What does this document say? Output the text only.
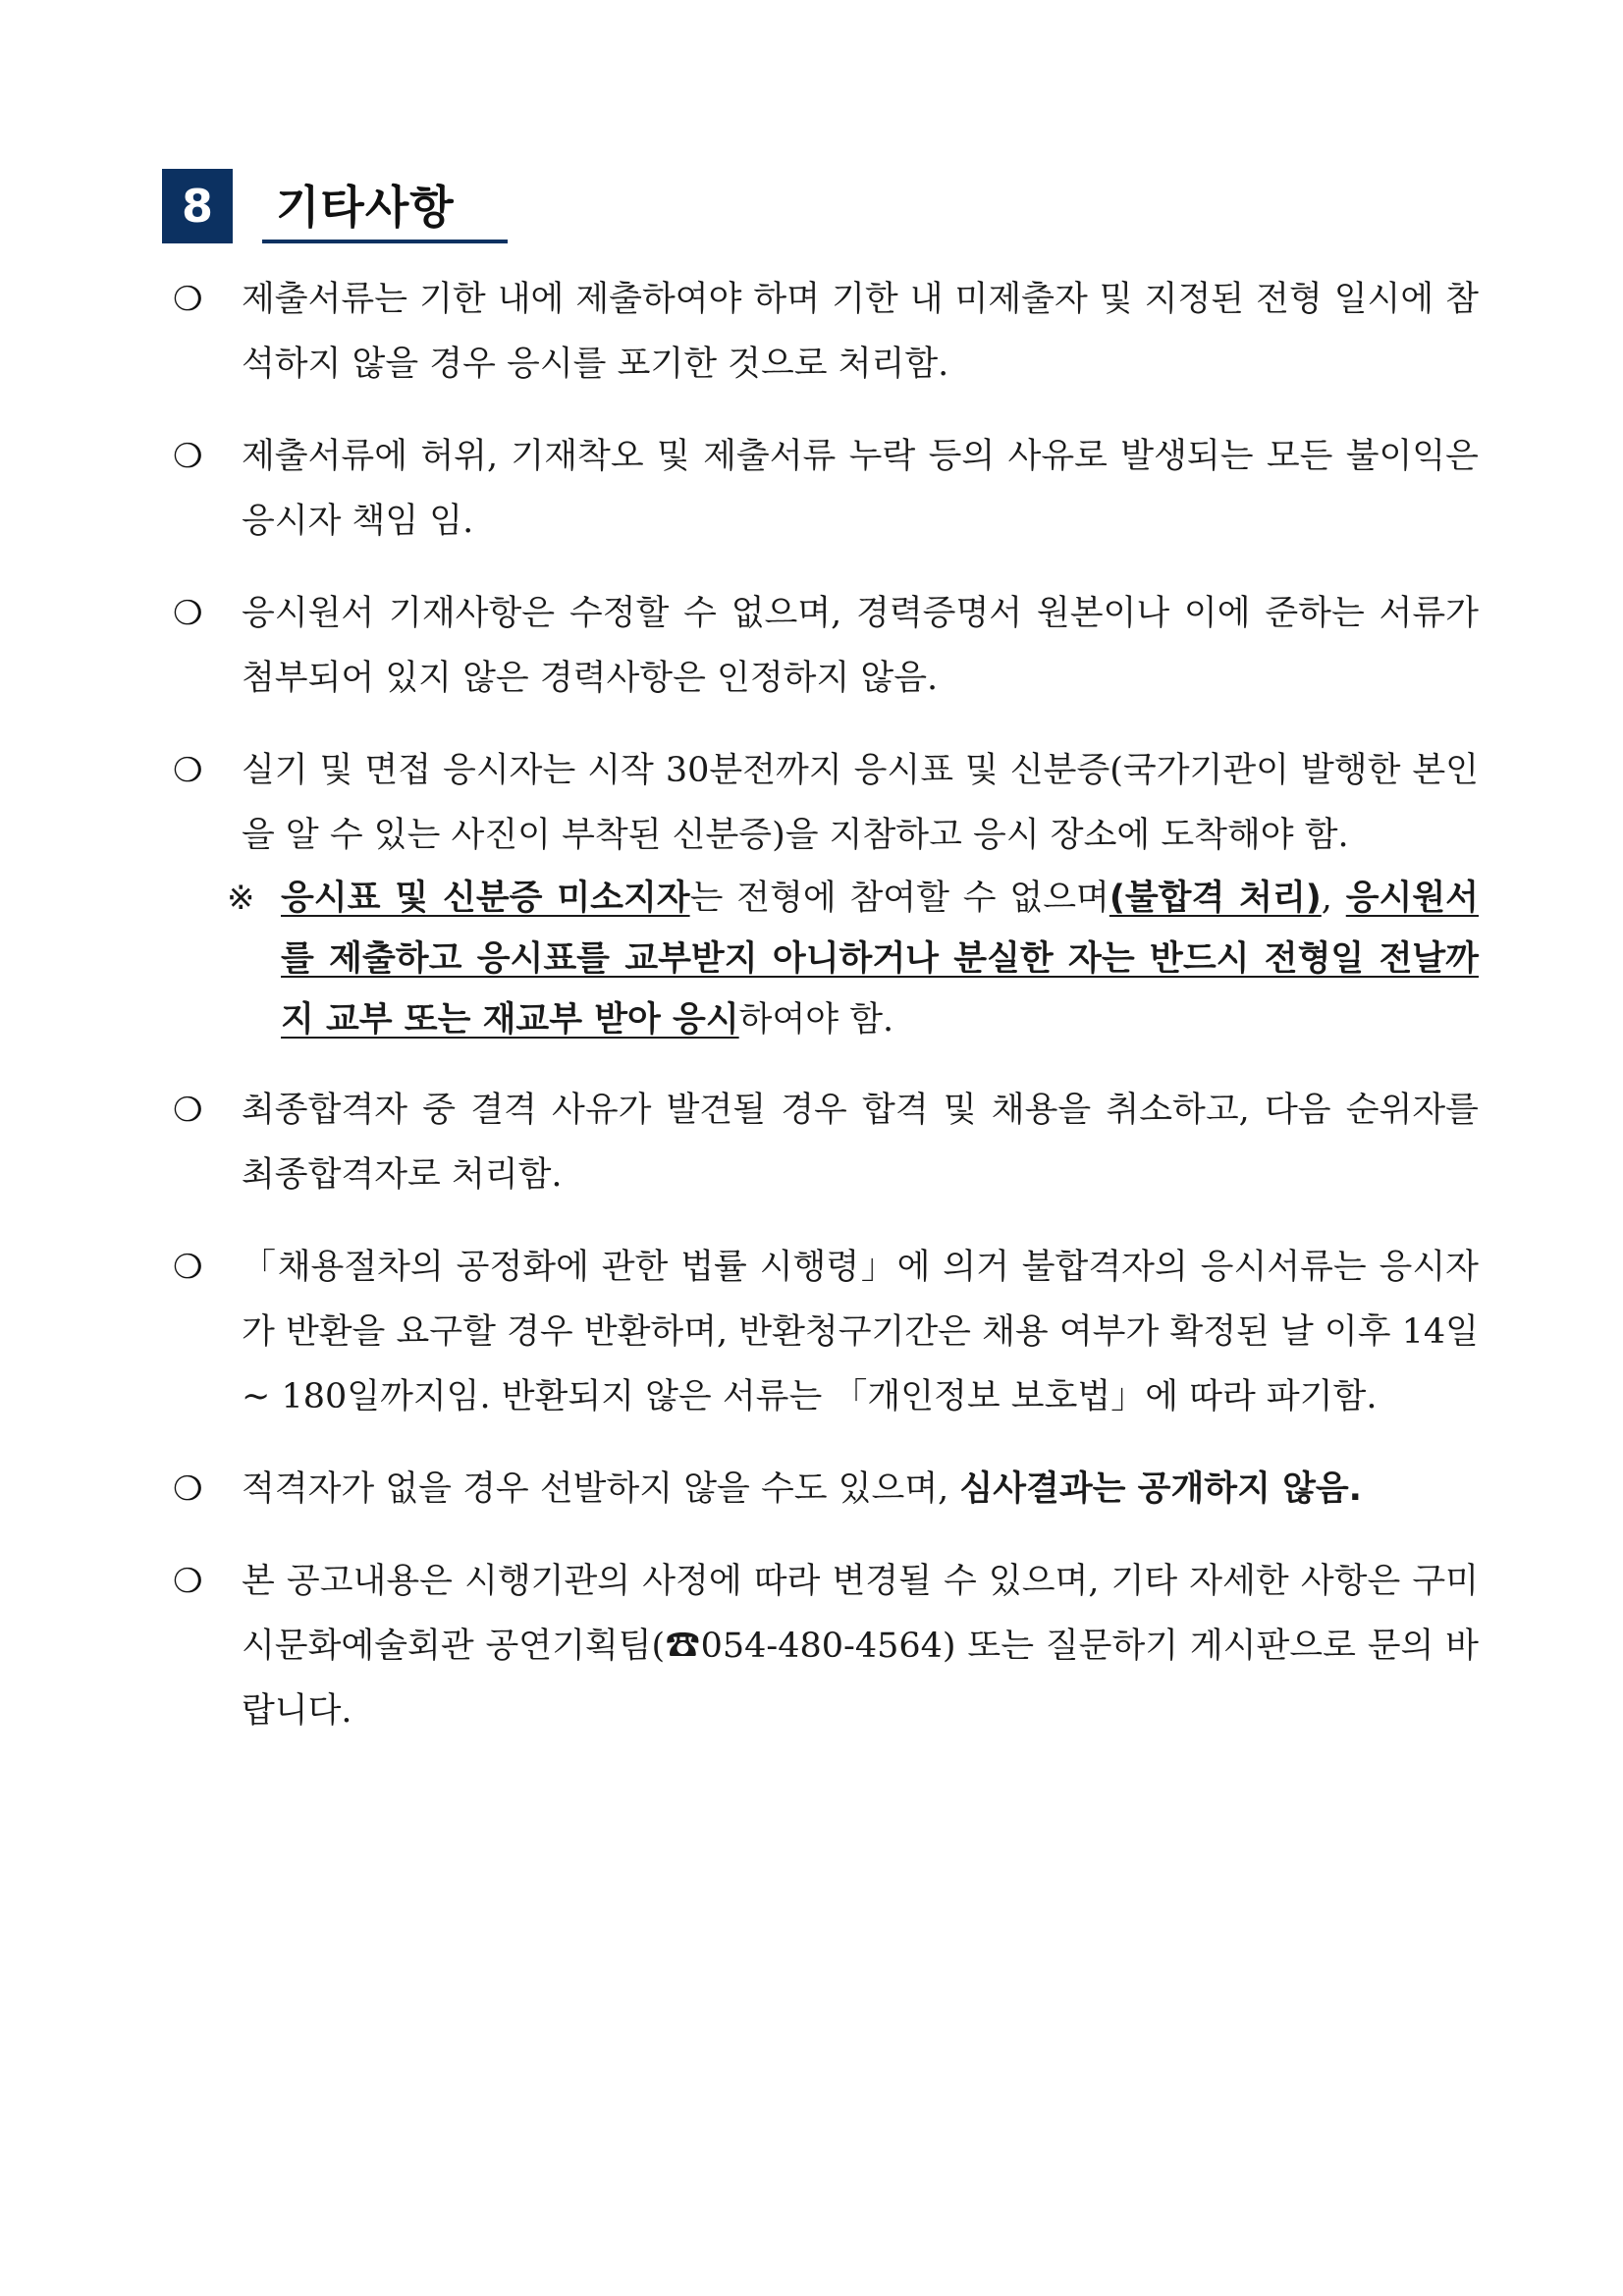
8	기타사항
❍ 제출서류는 기한 내에 제출하여야 하며 기한 내 미제출자 및 지정된 전형 일시에 참석하지 않을 경우 응시를 포기한 것으로 처리함.
❍ 제출서류에 허위, 기재착오 및 제출서류 누락 등의 사유로 발생되는 모든 불이익은 응시자 책임 임.
❍ 응시원서 기재사항은 수정할 수 없으며, 경력증명서 원본이나 이에 준하는 서류가 첨부되어 있지 않은 경력사항은 인정하지 않음.
❍ 실기 및 면접 응시자는 시작 30분전까지 응시표 및 신분증(국가기관이 발행한 본인을 알 수 있는 사진이 부착된 신분증)을 지참하고 응시 장소에 도착해야 함.
※ 응시표 및 신분증 미소지자는 전형에 참여할 수 없으며(불합격 처리), 응시원서를 제출하고 응시표를 교부받지 아니하거나 분실한 자는 반드시 전형일 전날까지 교부 또는 재교부 받아 응시하여야 함.
❍ 최종합격자 중 결격 사유가 발견될 경우 합격 및 채용을 취소하고, 다음 순위자를 최종합격자로 처리함.
❍ 「채용절차의 공정화에 관한 법률 시행령」에 의거 불합격자의 응시서류는 응시자가 반환을 요구할 경우 반환하며, 반환청구기간은 채용 여부가 확정된 날 이후 14일 ~ 180일까지임. 반환되지 않은 서류는 「개인정보 보호법」에 따라 파기함.
❍ 적격자가 없을 경우 선발하지 않을 수도 있으며, 심사결과는 공개하지 않음.
❍ 본 공고내용은 시행기관의 사정에 따라 변경될 수 있으며, 기타 자세한 사항은 구미시문화예술회관 공연기획팀(☎054-480-4564) 또는 질문하기 게시판으로 문의 바랍니다.
